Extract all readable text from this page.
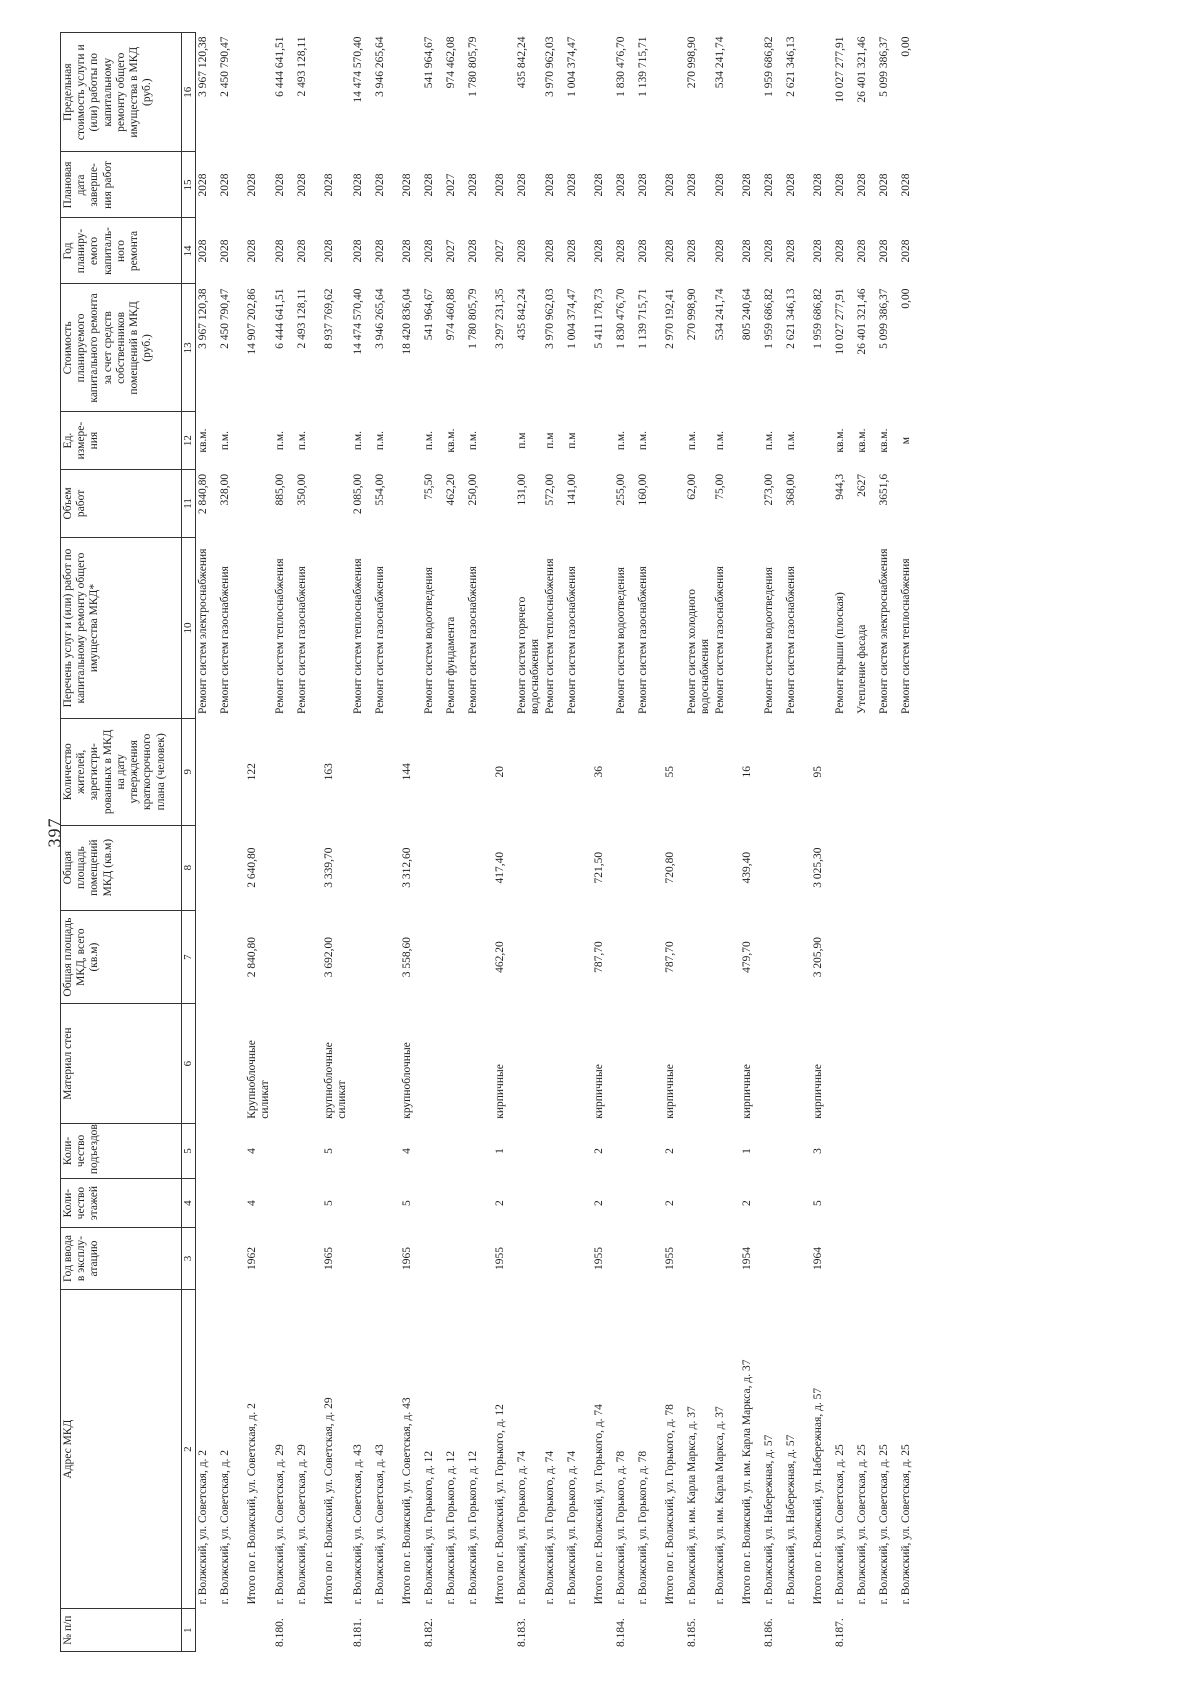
397
№ п/п	Адрес МКД	Год ввода в эксплу-атацию	Коли-чество этажей	Коли-чество подъездов	Материал стен	Общая площадь МКД, всего (кв.м)	Общая площадь помещений МКД (кв.м)	Количество жителей, зарегистри-рованных в МКД на дату утверждения краткосрочного плана (человек)	Перечень услуг и (или) работ по капитальному ремонту общего имущества МКД*	Объем работ	Ед. измере-ния	Стоимость планируемого капитального ремонта за счет средств собственников помещений в МКД (руб.)	Год планиру-емого капиталь-ного ремонта	Плановая дата заверше-ния работ	Предельная стоимость услуги и (или) работы по капитальному ремонту общего имущества в МКД (руб.)
1	2	3	4	5	6	7	8	9	10	11	12	13	14	15	16
	г. Волжский, ул. Советская, д. 2								Ремонт систем электроснабжения	2 840,80	кв.м.	3 967 120,38	2028	2028	3 967 120,38
	г. Волжский, ул. Советская, д. 2								Ремонт систем газоснабжения	328,00	п.м.	2 450 790,47	2028	2028	2 450 790,47
	Итого по г. Волжский, ул. Советская, д. 2	1962	4	4	Крупноблочные силикат	2 840,80	2 640,80	122				14 907 202,86	2028	2028	
8.180.	г. Волжский, ул. Советская, д. 29								Ремонт систем теплоснабжения	885,00	п.м.	6 444 641,51	2028	2028	6 444 641,51
	г. Волжский, ул. Советская, д. 29								Ремонт систем газоснабжения	350,00	п.м.	2 493 128,11	2028	2028	2 493 128,11
	Итого по г. Волжский, ул. Советская, д. 29	1965	5	5	крупноблочные силикат	3 692,00	3 339,70	163				8 937 769,62	2028	2028	
8.181.	г. Волжский, ул. Советская, д. 43								Ремонт систем теплоснабжения	2 085,00	п.м.	14 474 570,40	2028	2028	14 474 570,40
	г. Волжский, ул. Советская, д. 43								Ремонт систем газоснабжения	554,00	п.м.	3 946 265,64	2028	2028	3 946 265,64
	Итого по г. Волжский, ул. Советская, д. 43	1965	5	4	крупноблочные	3 558,60	3 312,60	144				18 420 836,04	2028	2028	
8.182.	г. Волжский, ул. Горького, д. 12								Ремонт систем водоотведения	75,50	п.м.	541 964,67	2028	2028	541 964,67
	г. Волжский, ул. Горького, д. 12								Ремонт фундамента	462,20	кв.м.	974 460,88	2027	2027	974 462,08
	г. Волжский, ул. Горького, д. 12								Ремонт систем газоснабжения	250,00	п.м.	1 780 805,79	2028	2028	1 780 805,79
	Итого по г. Волжский, ул. Горького, д. 12	1955	2	1	кирпичные	462,20	417,40	20				3 297 231,35	2027	2028	
8.183.	г. Волжский, ул. Горького, д. 74								Ремонт систем горячего водоснабжения	131,00	п.м	435 842,24	2028	2028	435 842,24
	г. Волжский, ул. Горького, д. 74								Ремонт систем теплоснабжения	572,00	п.м	3 970 962,03	2028	2028	3 970 962,03
	г. Волжский, ул. Горького, д. 74								Ремонт систем газоснабжения	141,00	п.м	1 004 374,47	2028	2028	1 004 374,47
	Итого по г. Волжский, ул. Горького, д. 74	1955	2	2	кирпичные	787,70	721,50	36				5 411 178,73	2028	2028	
8.184.	г. Волжский, ул. Горького, д. 78								Ремонт систем водоотведения	255,00	п.м.	1 830 476,70	2028	2028	1 830 476,70
	г. Волжский, ул. Горького, д. 78								Ремонт систем газоснабжения	160,00	п.м.	1 139 715,71	2028	2028	1 139 715,71
	Итого по г. Волжский, ул. Горького, д. 78	1955	2	2	кирпичные	787,70	720,80	55				2 970 192,41	2028	2028	
8.185.	г. Волжский, ул. им. Карла Маркса, д. 37								Ремонт систем холодного водоснабжения	62,00	п.м.	270 998,90	2028	2028	270 998,90
	г. Волжский, ул. им. Карла Маркса, д. 37								Ремонт систем газоснабжения	75,00	п.м.	534 241,74	2028	2028	534 241,74
	Итого по г. Волжский, ул. им. Карла Маркса, д. 37	1954	2	1	кирпичные	479,70	439,40	16				805 240,64	2028	2028	
8.186.	г. Волжский, ул. Набережная, д. 57								Ремонт систем водоотведения	273,00	п.м.	1 959 686,82	2028	2028	1 959 686,82
	г. Волжский, ул. Набережная, д. 57								Ремонт систем газоснабжения	368,00	п.м.	2 621 346,13	2028	2028	2 621 346,13
	Итого по г. Волжский, ул. Набережная, д. 57	1964	5	3	кирпичные	3 205,90	3 025,30	95				1 959 686,82	2028	2028	
8.187.	г. Волжский, ул. Советская, д. 25								Ремонт крыши (плоская)	944,3	кв.м.	10 027 277,91	2028	2028	10 027 277,91
	г. Волжский, ул. Советская, д. 25								Утепление фасада	2627	кв.м.	26 401 321,46	2028	2028	26 401 321,46
	г. Волжский, ул. Советская, д. 25								Ремонт систем электроснабжения	3651,6	кв.м.	5 099 386,37	2028	2028	5 099 386,37
	г. Волжский, ул. Советская, д. 25								Ремонт систем теплоснабжения		м	0,00	2028	2028	0,00
